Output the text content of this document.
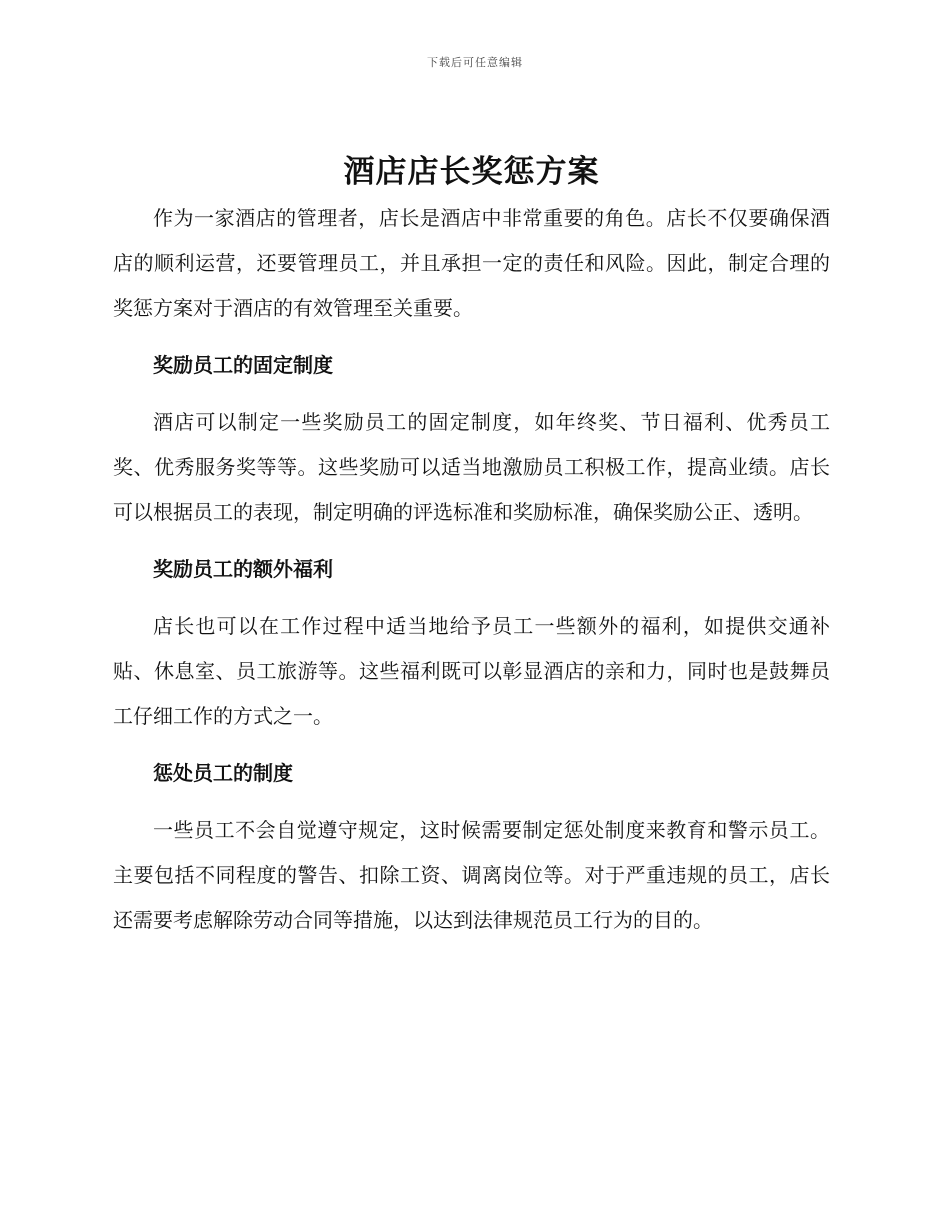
下载后可任意编辑
酒店店长奖惩方案

作为一家酒店的管理者，店长是酒店中非常重要的角色。店长不仅要确保酒店的顺利运营，还要管理员工，并且承担一定的责任和风险。因此，制定合理的奖惩方案对于酒店的有效管理至关重要。

奖励员工的固定制度

酒店可以制定一些奖励员工的固定制度，如年终奖、节日福利、优秀员工奖、优秀服务奖等等。这些奖励可以适当地激励员工积极工作，提高业绩。店长可以根据员工的表现，制定明确的评选标准和奖励标准，确保奖励公正、透明。

奖励员工的额外福利

店长也可以在工作过程中适当地给予员工一些额外的福利，如提供交通补贴、休息室、员工旅游等。这些福利既可以彰显酒店的亲和力，同时也是鼓舞员工仔细工作的方式之一。

惩处员工的制度

一些员工不会自觉遵守规定，这时候需要制定惩处制度来教育和警示员工。主要包括不同程度的警告、扣除工资、调离岗位等。对于严重违规的员工，店长还需要考虑解除劳动合同等措施，以达到法律规范员工行为的目的。
